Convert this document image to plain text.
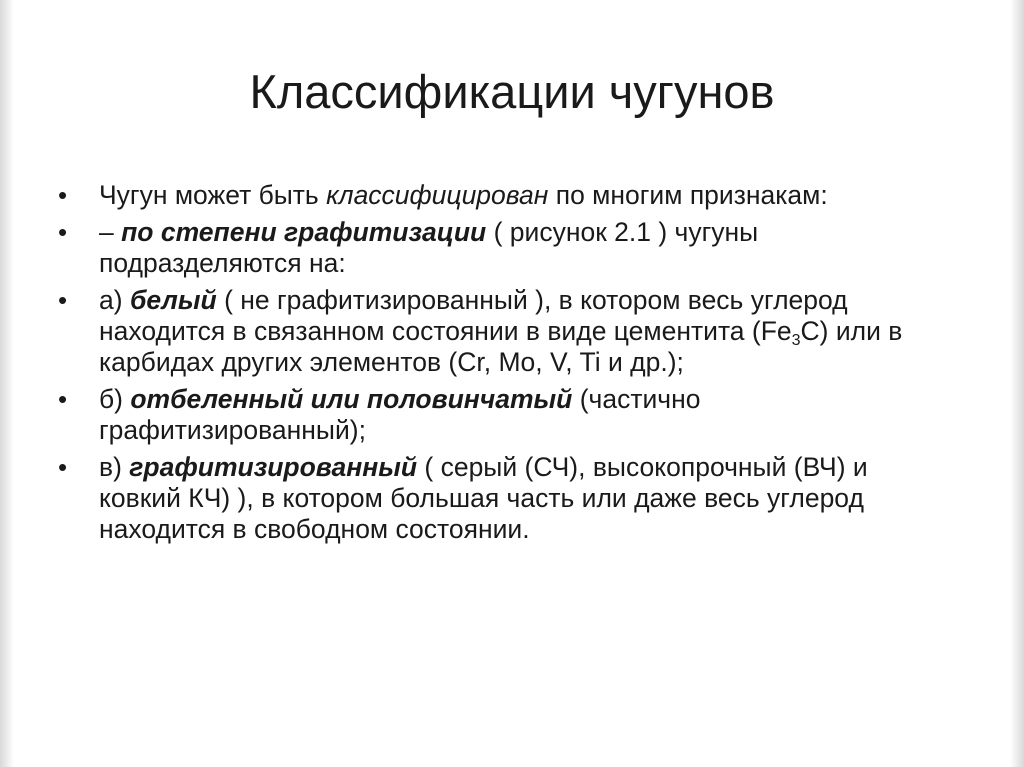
Классификации чугунов
• Чугун может быть классифицирован по многим признакам:
• – по степени графитизации ( рисунок 2.1 ) чугуны подразделяются на:
• а) белый ( не графитизированный ), в котором весь углерод находится в связанном состоянии в виде цементита $(Fe_3C)$ или в карбидах других элементов (Cr, Mo, V, Ti и др.);
• б) отбеленный или половинчатый (частично графитизированный);
• в) графитизированный ( серый (СЧ), высокопрочный (ВЧ) и ковкий КЧ) ), в котором большая часть или даже весь углерод находится в свободном состоянии.
